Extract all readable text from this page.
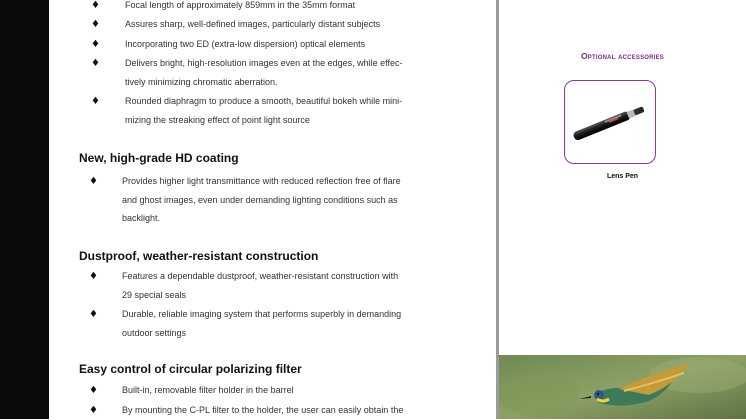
♦	Focal length of approximately 859mm in the 35mm format
♦	Assures sharp, well-defined images, particularly distant subjects
♦	Incorporating two ED (extra-low dispersion) optical elements
♦	Delivers bright, high-resolution images even at the edges, while effec-
tively minimizing chromatic aberration.
♦	Rounded diaphragm to produce a smooth, beautiful bokeh while mini-
mizing the streaking effect of point light source
New, high-grade HD coating
♦	Provides higher light transmittance with reduced reflection free of flare
and ghost images, even under demanding lighting conditions such as
backlight.
Dustproof, weather-resistant construction
♦	Features a dependable dustproof, weather-resistant construction with
29 special seals
♦	Durable, reliable imaging system that performs superbly in demanding
outdoor settings
Easy control of circular polarizing filter
♦	Built-in, removable filter holder in the barrel
♦	By mounting the C-PL filter to the holder, the user can easily obtain the
Optional accessories
Lens Pen
